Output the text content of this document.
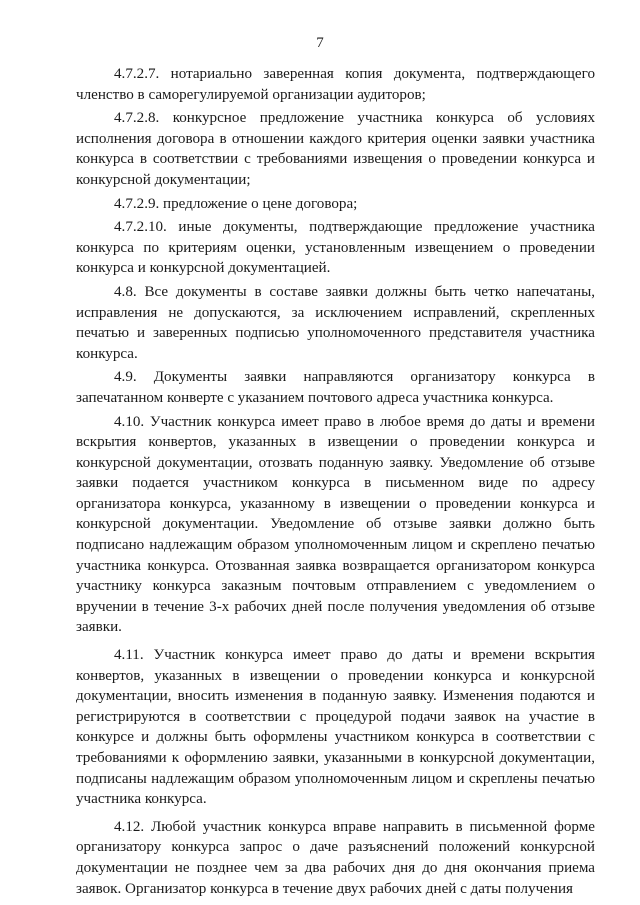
7

4.7.2.7. нотариально заверенная копия документа, подтверждающего членство в саморегулируемой организации аудиторов;

4.7.2.8. конкурсное предложение участника конкурса об условиях исполнения договора в отношении каждого критерия оценки заявки участника конкурса в соответствии с требованиями извещения о проведении конкурса и конкурсной документации;

4.7.2.9. предложение о цене договора;

4.7.2.10. иные документы, подтверждающие предложение участника конкурса по критериям оценки, установленным извещением о проведении конкурса и конкурсной документацией.

4.8. Все документы в составе заявки должны быть четко напечатаны, исправления не допускаются, за исключением исправлений, скрепленных печатью и заверенных подписью уполномоченного представителя участника конкурса.

4.9. Документы заявки направляются организатору конкурса в запечатанном конверте с указанием почтового адреса участника конкурса.

4.10. Участник конкурса имеет право в любое время до даты и времени вскрытия конвертов, указанных в извещении о проведении конкурса и конкурсной документации, отозвать поданную заявку. Уведомление об отзыве заявки подается участником конкурса в письменном виде по адресу организатора конкурса, указанному в извещении о проведении конкурса и конкурсной документации. Уведомление об отзыве заявки должно быть подписано надлежащим образом уполномоченным лицом и скреплено печатью участника конкурса. Отозванная заявка возвращается организатором конкурса участнику конкурса заказным почтовым отправлением с уведомлением о вручении в течение 3-х рабочих дней после получения уведомления об отзыве заявки.

4.11. Участник конкурса имеет право до даты и времени вскрытия конвертов, указанных в извещении о проведении конкурса и конкурсной документации, вносить изменения в поданную заявку. Изменения подаются и регистрируются в соответствии с процедурой подачи заявок на участие в конкурсе и должны быть оформлены участником конкурса в соответствии с требованиями к оформлению заявки, указанными в конкурсной документации, подписаны надлежащим образом уполномоченным лицом и скреплены печатью участника конкурса.

4.12. Любой участник конкурса вправе направить в письменной форме организатору конкурса запрос о даче разъяснений положений конкурсной документации не позднее чем за два рабочих дня до дня окончания приема заявок. Организатор конкурса в течение двух рабочих дней с даты получения
